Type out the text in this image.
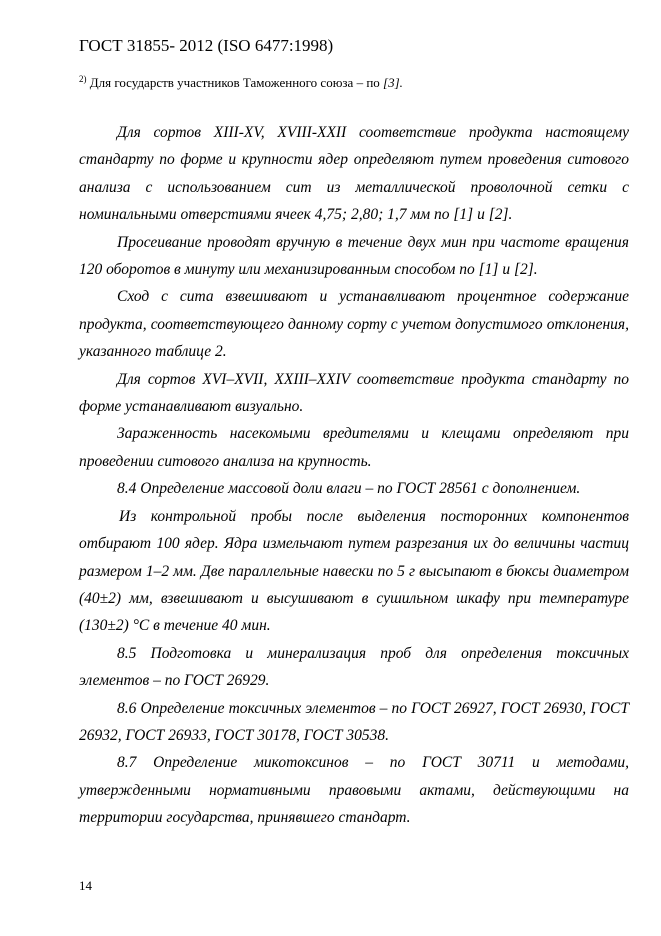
ГОСТ 31855- 2012 (ISO 6477:1998)
$^{2)}$ Для государств участников Таможенного союза – по [3].

Для сортов XIII-XV, XVIII-XXII соответствие продукта настоящему стандарту по форме и крупности ядер определяют путем проведения ситового анализа с использованием сит из металлической проволочной сетки с номинальными отверстиями ячеек 4,75; 2,80; 1,7 мм по [1] и [2].

Просеивание проводят вручную в течение двух мин при частоте вращения 120 оборотов в минуту или механизированным способом по [1] и [2].

Сход с сита взвешивают и устанавливают процентное содержание продукта, соответствующего данному сорту с учетом допустимого отклонения, указанного таблице 2.

Для сортов XVI–XVII, XXIII–XXIV соответствие продукта стандарту по форме устанавливают визуально.

Зараженность насекомыми вредителями и клещами определяют при проведении ситового анализа на крупность.

8.4 Определение массовой доли влаги – по ГОСТ 28561 с дополнением.

Из контрольной пробы после выделения посторонних компонентов отбирают 100 ядер. Ядра измельчают путем разрезания их до величины частиц размером 1–2 мм. Две параллельные навески по 5 г высыпают в бюксы диаметром (40±2) мм, взвешивают и высушивают в сушильном шкафу при температуре (130±2) °С в течение 40 мин.

8.5 Подготовка и минерализация проб для определения токсичных элементов – по ГОСТ 26929.

8.6 Определение токсичных элементов – по ГОСТ 26927, ГОСТ 26930, ГОСТ 26932, ГОСТ 26933, ГОСТ 30178, ГОСТ 30538.

8.7 Определение микотоксинов – по ГОСТ 30711 и методами, утвержденными нормативными правовыми актами, действующими на территории государства, принявшего стандарт.

14
